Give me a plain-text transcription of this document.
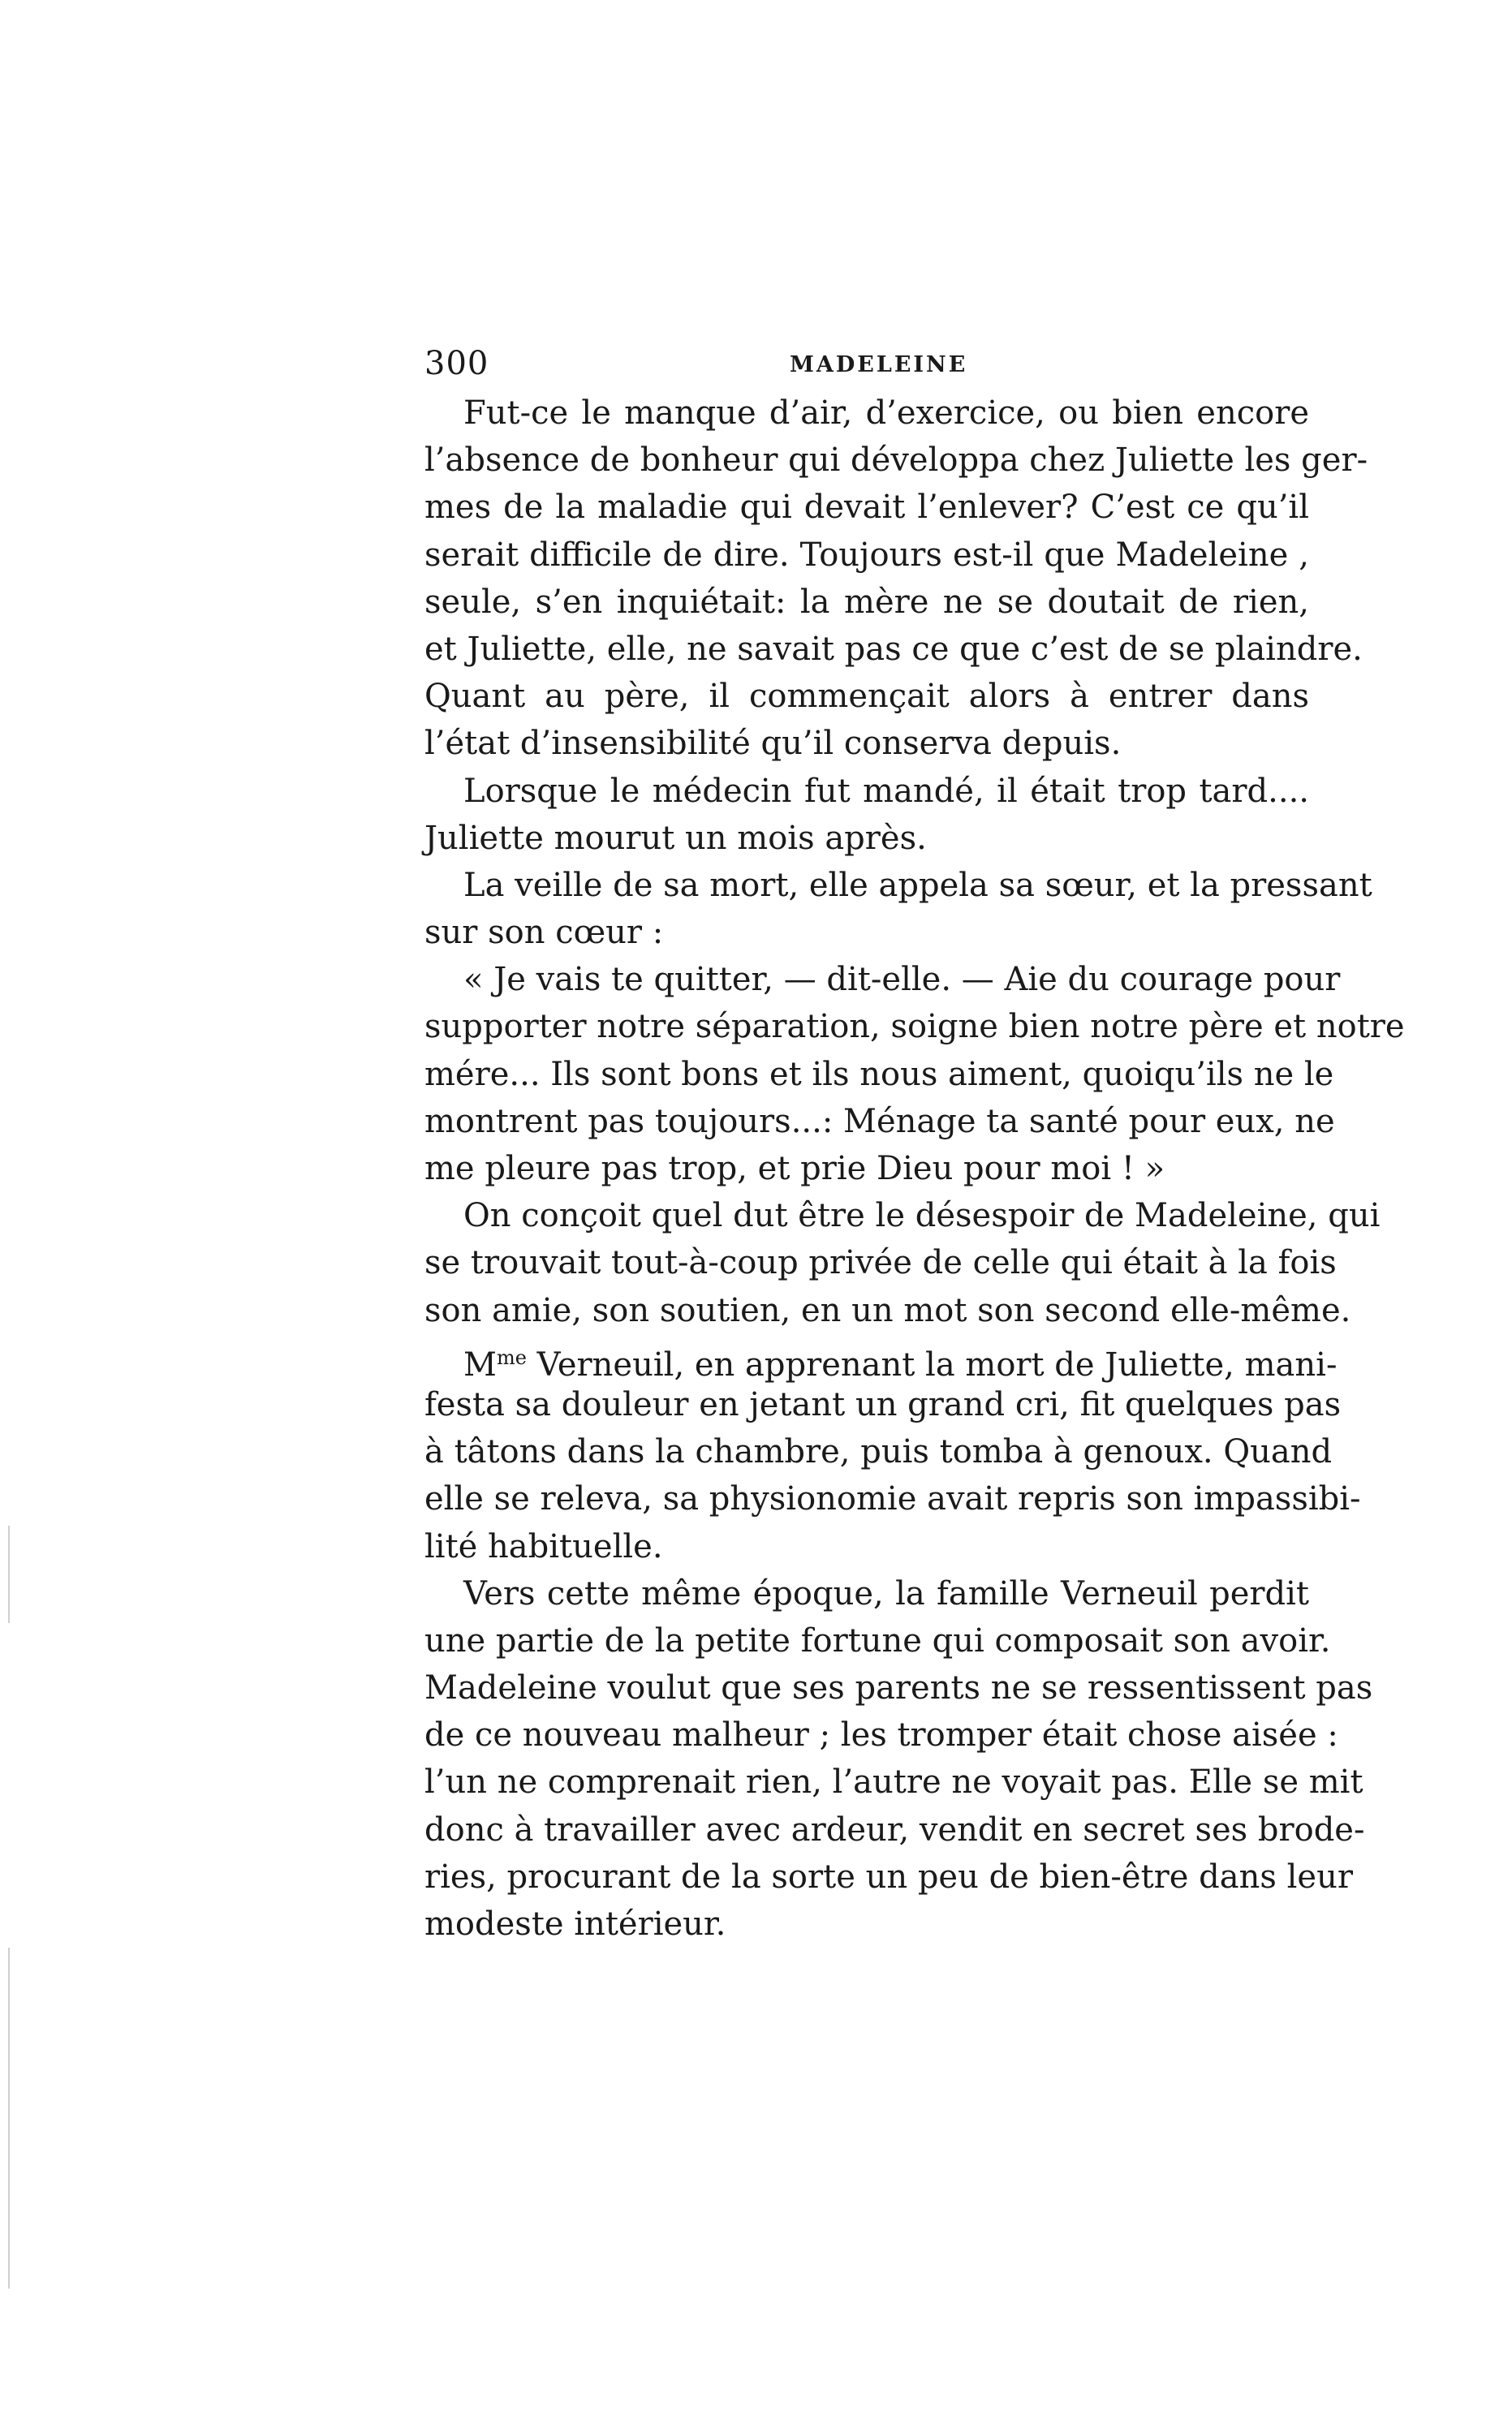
300	MADELEINE
Fut-ce le manque d’air, d’exercice, ou bien encore
l’absence de bonheur qui développa chez Juliette les ger-
mes de la maladie qui devait l’enlever? C’est ce qu’il
serait difficile de dire. Toujours est-il que Madeleine ,
seule, s’en inquiétait: la mère ne se doutait de rien,
et Juliette, elle, ne savait pas ce que c’est de se plaindre.
Quant au père, il commençait alors à entrer dans
l’état d’insensibilité qu’il conserva depuis.
Lorsque le médecin fut mandé, il était trop tard....
Juliette mourut un mois après.
La veille de sa mort, elle appela sa sœur, et la pressant
sur son cœur :
« Je vais te quitter, — dit-elle. — Aie du courage pour
supporter notre séparation, soigne bien notre père et notre
mére... Ils sont bons et ils nous aiment, quoiqu’ils ne le
montrent pas toujours...: Ménage ta santé pour eux, ne
me pleure pas trop, et prie Dieu pour moi ! »
On conçoit quel dut être le désespoir de Madeleine, qui
se trouvait tout-à-coup privée de celle qui était à la fois
son amie, son soutien, en un mot son second elle-même.
$M^{me}$ Verneuil, en apprenant la mort de Juliette, mani-
festa sa douleur en jetant un grand cri, fit quelques pas
à tâtons dans la chambre, puis tomba à genoux. Quand
elle se releva, sa physionomie avait repris son impassibi-
lité habituelle.
Vers cette même époque, la famille Verneuil perdit
une partie de la petite fortune qui composait son avoir.
Madeleine voulut que ses parents ne se ressentissent pas
de ce nouveau malheur ; les tromper était chose aisée :
l’un ne comprenait rien, l’autre ne voyait pas. Elle se mit
donc à travailler avec ardeur, vendit en secret ses brode-
ries, procurant de la sorte un peu de bien-être dans leur
modeste intérieur.
